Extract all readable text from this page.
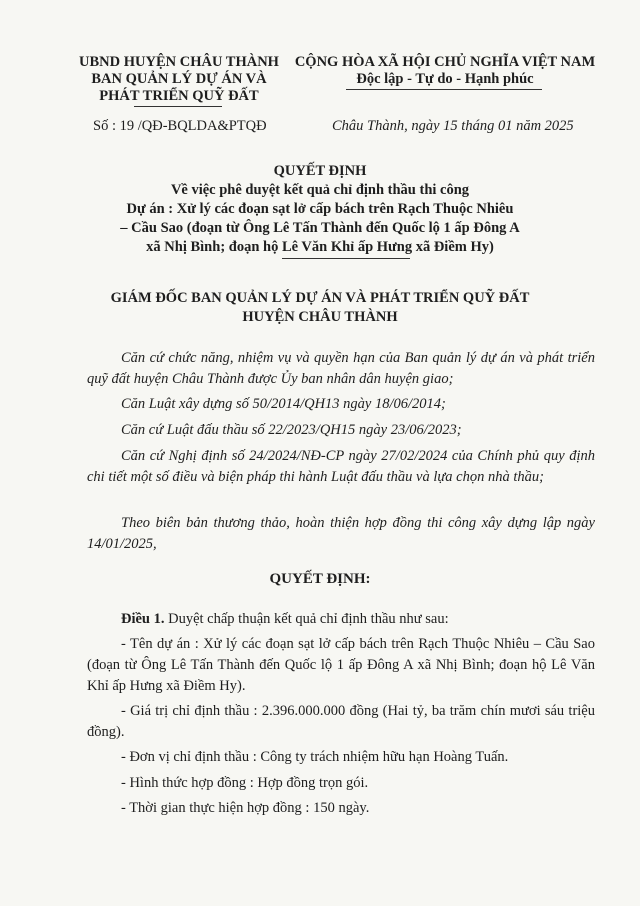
UBND HUYỆN CHÂU THÀNH
BAN QUẢN LÝ DỰ ÁN VÀ
PHÁT TRIỂN QUỸ ĐẤT
CỘNG HÒA XÃ HỘI CHỦ NGHĨA VIỆT NAM
Độc lập - Tự do - Hạnh phúc
Số : 19 /QĐ-BQLDA&PTQĐ	Châu Thành, ngày 15 tháng 01 năm 2025
QUYẾT ĐỊNH
Về việc phê duyệt kết quả chỉ định thầu thi công
Dự án : Xử lý các đoạn sạt lở cấp bách trên Rạch Thuộc Nhiêu
– Cầu Sao (đoạn từ Ông Lê Tấn Thành đến Quốc lộ 1 ấp Đông A
xã Nhị Bình; đoạn hộ Lê Văn Khỉ ấp Hưng xã Điềm Hy)
GIÁM ĐỐC BAN QUẢN LÝ DỰ ÁN VÀ PHÁT TRIỂN QUỸ ĐẤT
HUYỆN CHÂU THÀNH
Căn cứ chức năng, nhiệm vụ và quyền hạn của Ban quản lý dự án và phát triển quỹ đất huyện Châu Thành được Ủy ban nhân dân huyện giao;
Căn Luật xây dựng số 50/2014/QH13 ngày 18/06/2014;
Căn cứ Luật đấu thầu số 22/2023/QH15 ngày 23/06/2023;
Căn cứ Nghị định số 24/2024/NĐ-CP ngày 27/02/2024 của Chính phủ quy định chi tiết một số điều và biện pháp thi hành Luật đấu thầu và lựa chọn nhà thầu;
Theo biên bản thương thảo, hoàn thiện hợp đồng thi công xây dựng lập ngày 14/01/2025,
QUYẾT ĐỊNH:
Điều 1. Duyệt chấp thuận kết quả chỉ định thầu như sau:
- Tên dự án : Xử lý các đoạn sạt lở cấp bách trên Rạch Thuộc Nhiêu – Cầu Sao (đoạn từ Ông Lê Tấn Thành đến Quốc lộ 1 ấp Đông A xã Nhị Bình; đoạn hộ Lê Văn Khỉ ấp Hưng xã Điềm Hy).
- Giá trị chỉ định thầu : 2.396.000.000 đồng (Hai tỷ, ba trăm chín mươi sáu triệu đồng).
- Đơn vị chỉ định thầu : Công ty trách nhiệm hữu hạn Hoàng Tuấn.
- Hình thức hợp đồng : Hợp đồng trọn gói.
- Thời gian thực hiện hợp đồng : 150 ngày.
